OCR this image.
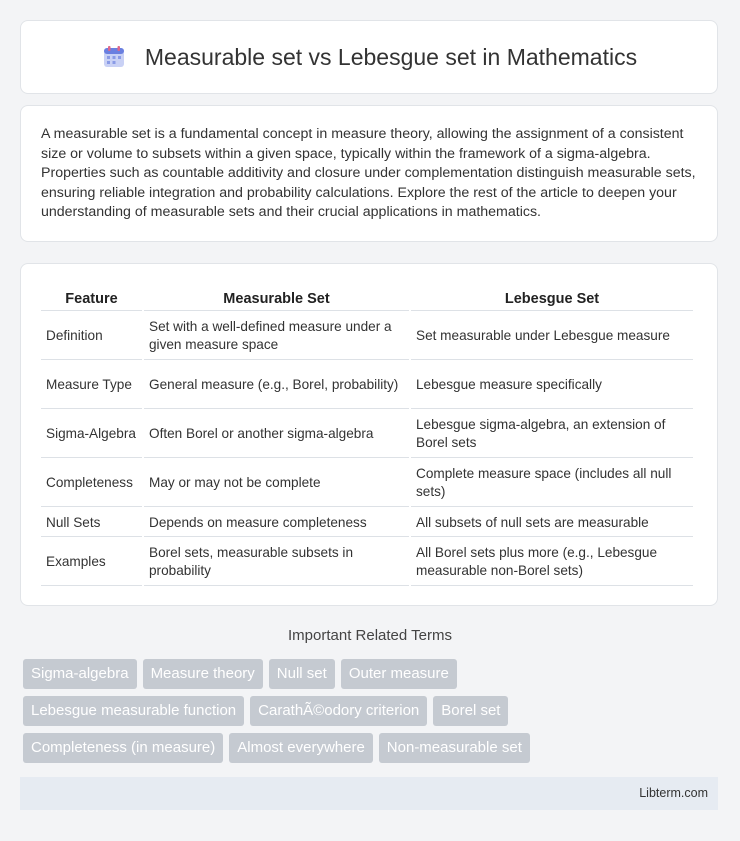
Measurable set vs Lebesgue set in Mathematics

A measurable set is a fundamental concept in measure theory, allowing the assignment of a consistent size or volume to subsets within a given space, typically within the framework of a sigma-algebra. Properties such as countable additivity and closure under complementation distinguish measurable sets, ensuring reliable integration and probability calculations. Explore the rest of the article to deepen your understanding of measurable sets and their crucial applications in mathematics.

Feature	Measurable Set	Lebesgue Set
Definition	Set with a well-defined measure under a given measure space	Set measurable under Lebesgue measure
Measure Type	General measure (e.g., Borel, probability)	Lebesgue measure specifically
Sigma-Algebra	Often Borel or another sigma-algebra	Lebesgue sigma-algebra, an extension of Borel sets
Completeness	May or may not be complete	Complete measure space (includes all null sets)
Null Sets	Depends on measure completeness	All subsets of null sets are measurable
Examples	Borel sets, measurable subsets in probability	All Borel sets plus more (e.g., Lebesgue measurable non-Borel sets)
Important Related Terms
Sigma-algebra	Measure theory	Null set	Outer measure
Lebesgue measurable function	CarathÃ©odory criterion	Borel set
Completeness (in measure)	Almost everywhere	Non-measurable set
Libterm.com
